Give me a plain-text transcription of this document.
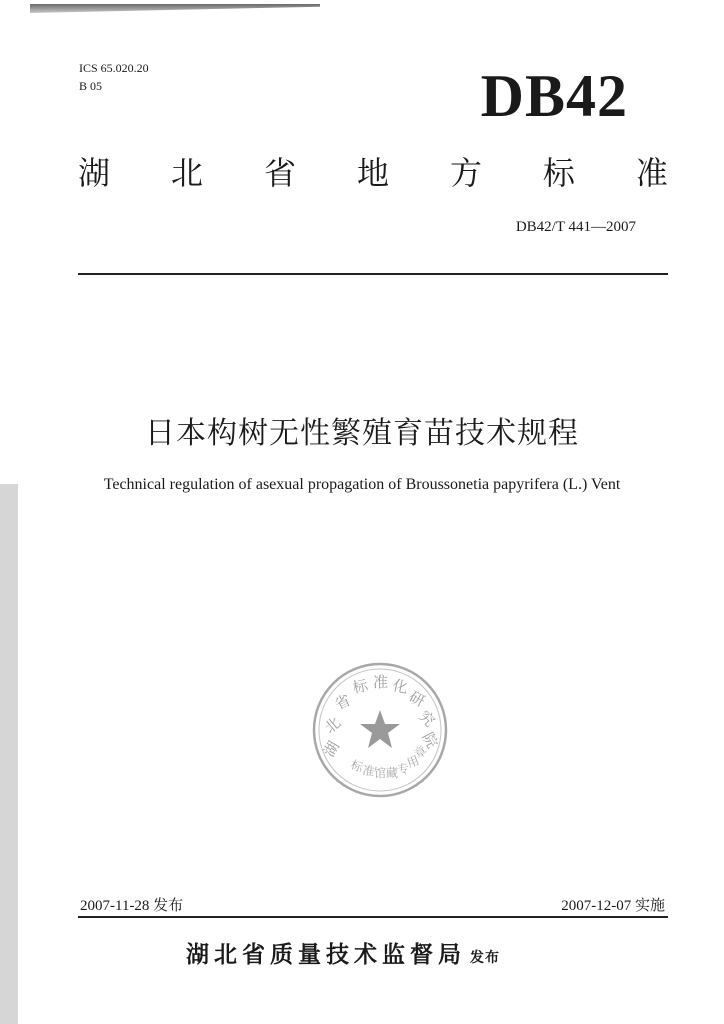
ICS 65.020.20
B 05	DB42
湖 北 省 地 方 标 准
DB42/T 441—2007
日本构树无性繁殖育苗技术规程
Technical regulation of asexual propagation of Broussonetia papyrifera (L.) Vent
湖
北
省
标 准 化
研
究
院
标
准
馆 藏
专
用
章
2007-11-28 发布	2007-12-07 实施
湖北省质量技术监督局 发布
